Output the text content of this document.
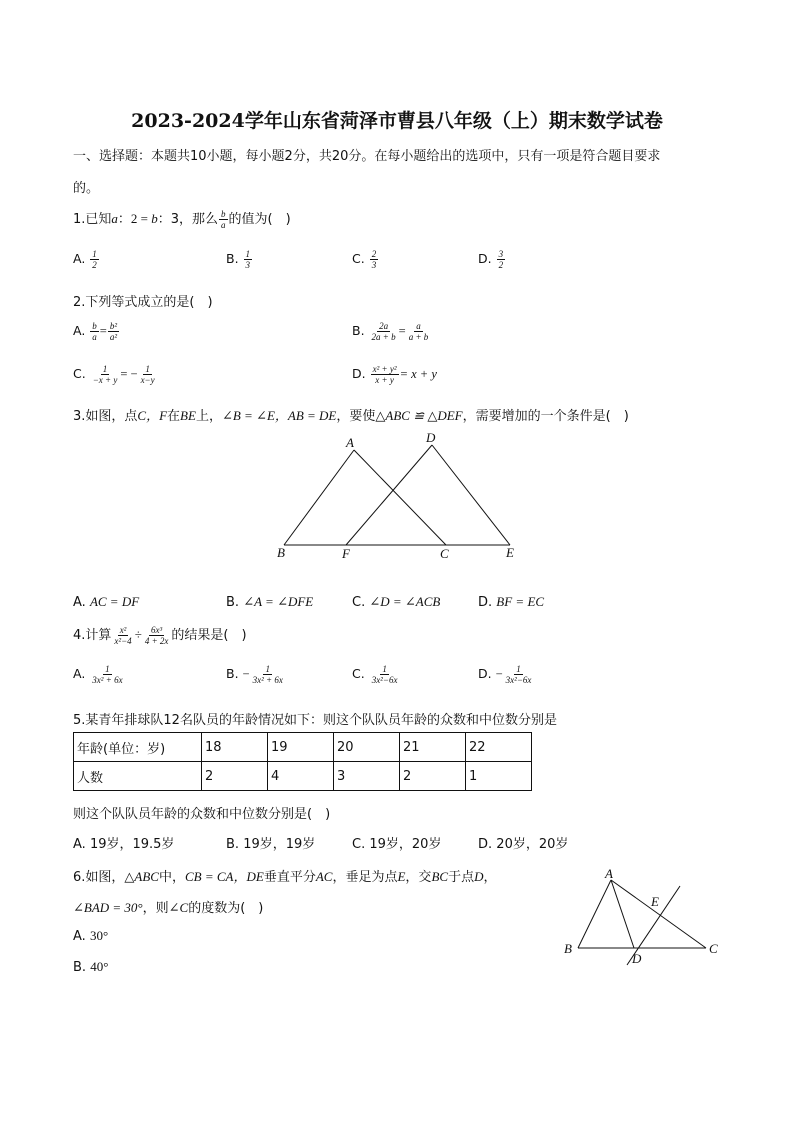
2023-2024学年山东省菏泽市曹县八年级（上）期末数学试卷
一、选择题：本题共10小题，每小题2分，共20分。在每小题给出的选项中，只有一项是符合题目要求
的。
1.已知a：2 = b：3，那么 $\frac{b}{a}$ 的值为(　)
A. $\frac{1}{2}$	B. $\frac{1}{3}$	C. $\frac{2}{3}$	D. $\frac{3}{2}$
2.下列等式成立的是(　)
A. $\frac{b}{a} = \frac{\text{b²}}{\text{a²}}$	B. $\frac{2a}{2a + b} = \frac{a}{a + b}$
C. $\frac{1}{-x + y}$ = − $\frac{1}{x-y}$	D. $\frac{\text{x² + y²}}{x + y} = x + y$
3.如图，点C，F在BE上，∠B = ∠E，AB = DE，要使△ABC ≌ △DEF，需要增加的一个条件是(　)
A	D
B	F	C	E
A. AC = DF	B. ∠A = ∠DFE	C. ∠D = ∠ACB	D. BF = EC
4.计算 $\frac{\text{x²}}{\text{x²−4}} \div \frac{\text{6x³}}{4 + 2x}$ 的结果是(　)
A. $\frac{1}{\text{3x² + 6x}}$	B. − $\frac{1}{\text{3x² + 6x}}$	C. $\frac{1}{\text{3x²−6x}}$	D. − $\frac{1}{\text{3x²−6x}}$
5.某青年排球队12名队员的年龄情况如下：则这个队队员年龄的众数和中位数分别是
年龄(单位：岁)	18	19	20	21	22
人数	2	4	3	2	1
则这个队队员年龄的众数和中位数分别是(　)
A. 19岁，19.5岁	B. 19岁，19岁	C. 19岁，20岁	D. 20岁，20岁
6.如图，△ABC中，CB = CA，DE垂直平分AC，垂足为点E，交BC于点D，
∠BAD = 30°，则∠C的度数为(　)
A. 30°
B. 40°
A
E
B
D
C
